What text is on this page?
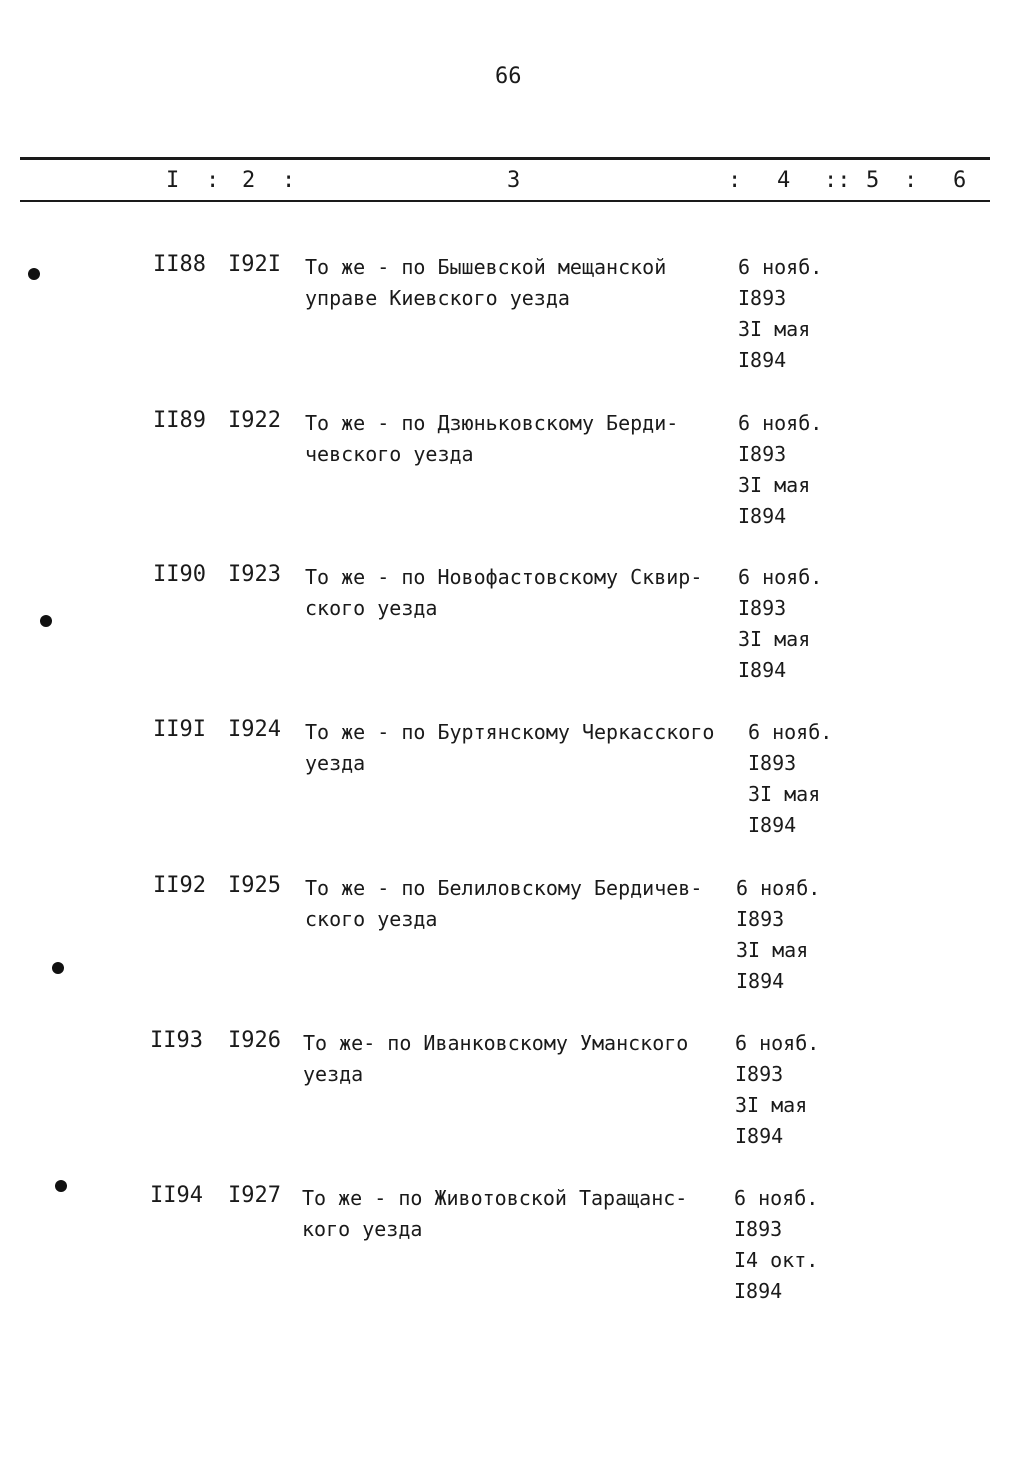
66
I : 2 :	3	: 4 :: 5 : 6
II88 I92I То же - по Бышевской мещанской
управе Киевского уезда
6 нояб.
I893
3I мая
I894
II89 I922 То же - по Дзюньковскому Берди-
чевского уезда
6 нояб.
I893
3I мая
I894
II90 I923 То же - по Новофастовскому Сквир-
ского уезда
6 нояб.
I893
3I мая
I894
II9I I924 То же - по Буртянскому Черкасского
уезда
6 нояб.
I893
3I мая
I894
II92 I925 То же - по Белиловскому Бердичев-
ского уезда
6 нояб.
I893
3I мая
I894
II93 I926 То же- по Иванковскому Уманского
уезда
6 нояб.
I893
3I мая
I894
II94 I927 То же - по Животовской Таращанс-
кого уезда
6 нояб.
I893
I4 окт.
I894
